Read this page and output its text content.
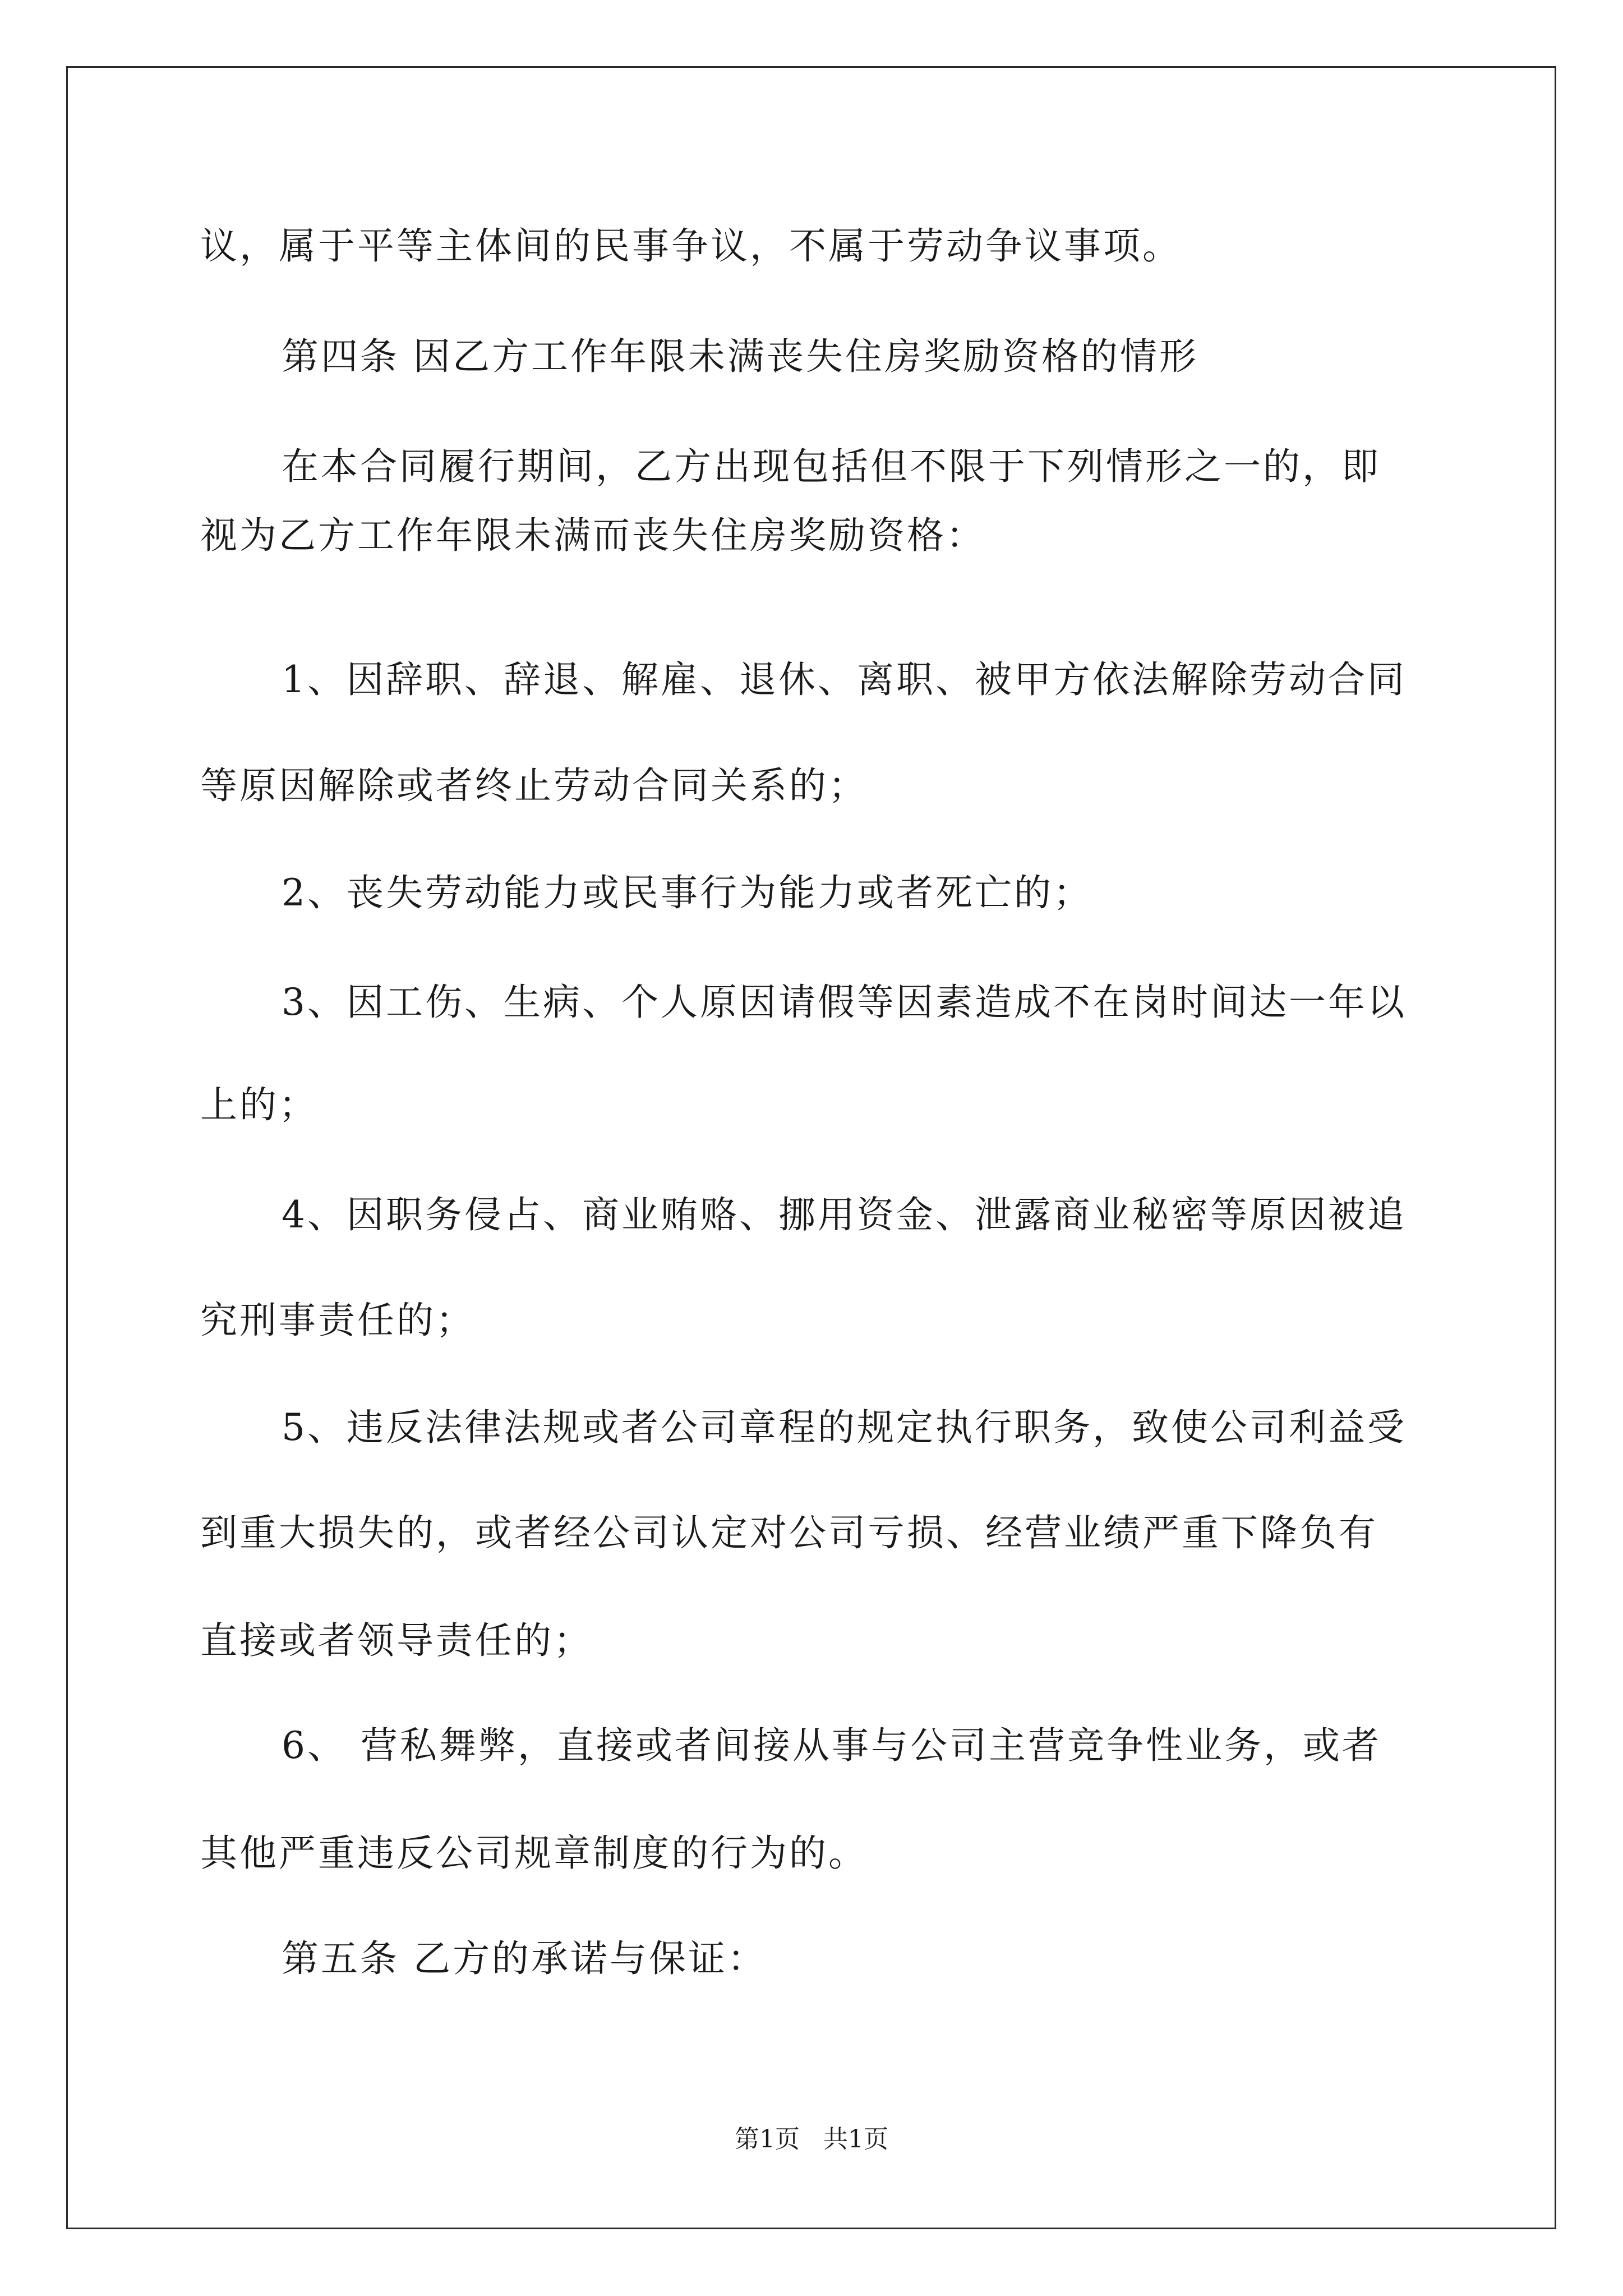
议，属于平等主体间的民事争议，不属于劳动争议事项。
第四条 因乙方工作年限未满丧失住房奖励资格的情形
在本合同履行期间，乙方出现包括但不限于下列情形之一的，即
视为乙方工作年限未满而丧失住房奖励资格：
1、因辞职、辞退、解雇、退休、离职、被甲方依法解除劳动合同
等原因解除或者终止劳动合同关系的；
2、丧失劳动能力或民事行为能力或者死亡的；
3、因工伤、生病、个人原因请假等因素造成不在岗时间达一年以
上的；
4、因职务侵占、商业贿赂、挪用资金、泄露商业秘密等原因被追
究刑事责任的；
5、违反法律法规或者公司章程的规定执行职务，致使公司利益受
到重大损失的，或者经公司认定对公司亏损、经营业绩严重下降负有
直接或者领导责任的；
6、 营私舞弊，直接或者间接从事与公司主营竞争性业务，或者
其他严重违反公司规章制度的行为的。
第五条 乙方的承诺与保证：
第1页   共1页
